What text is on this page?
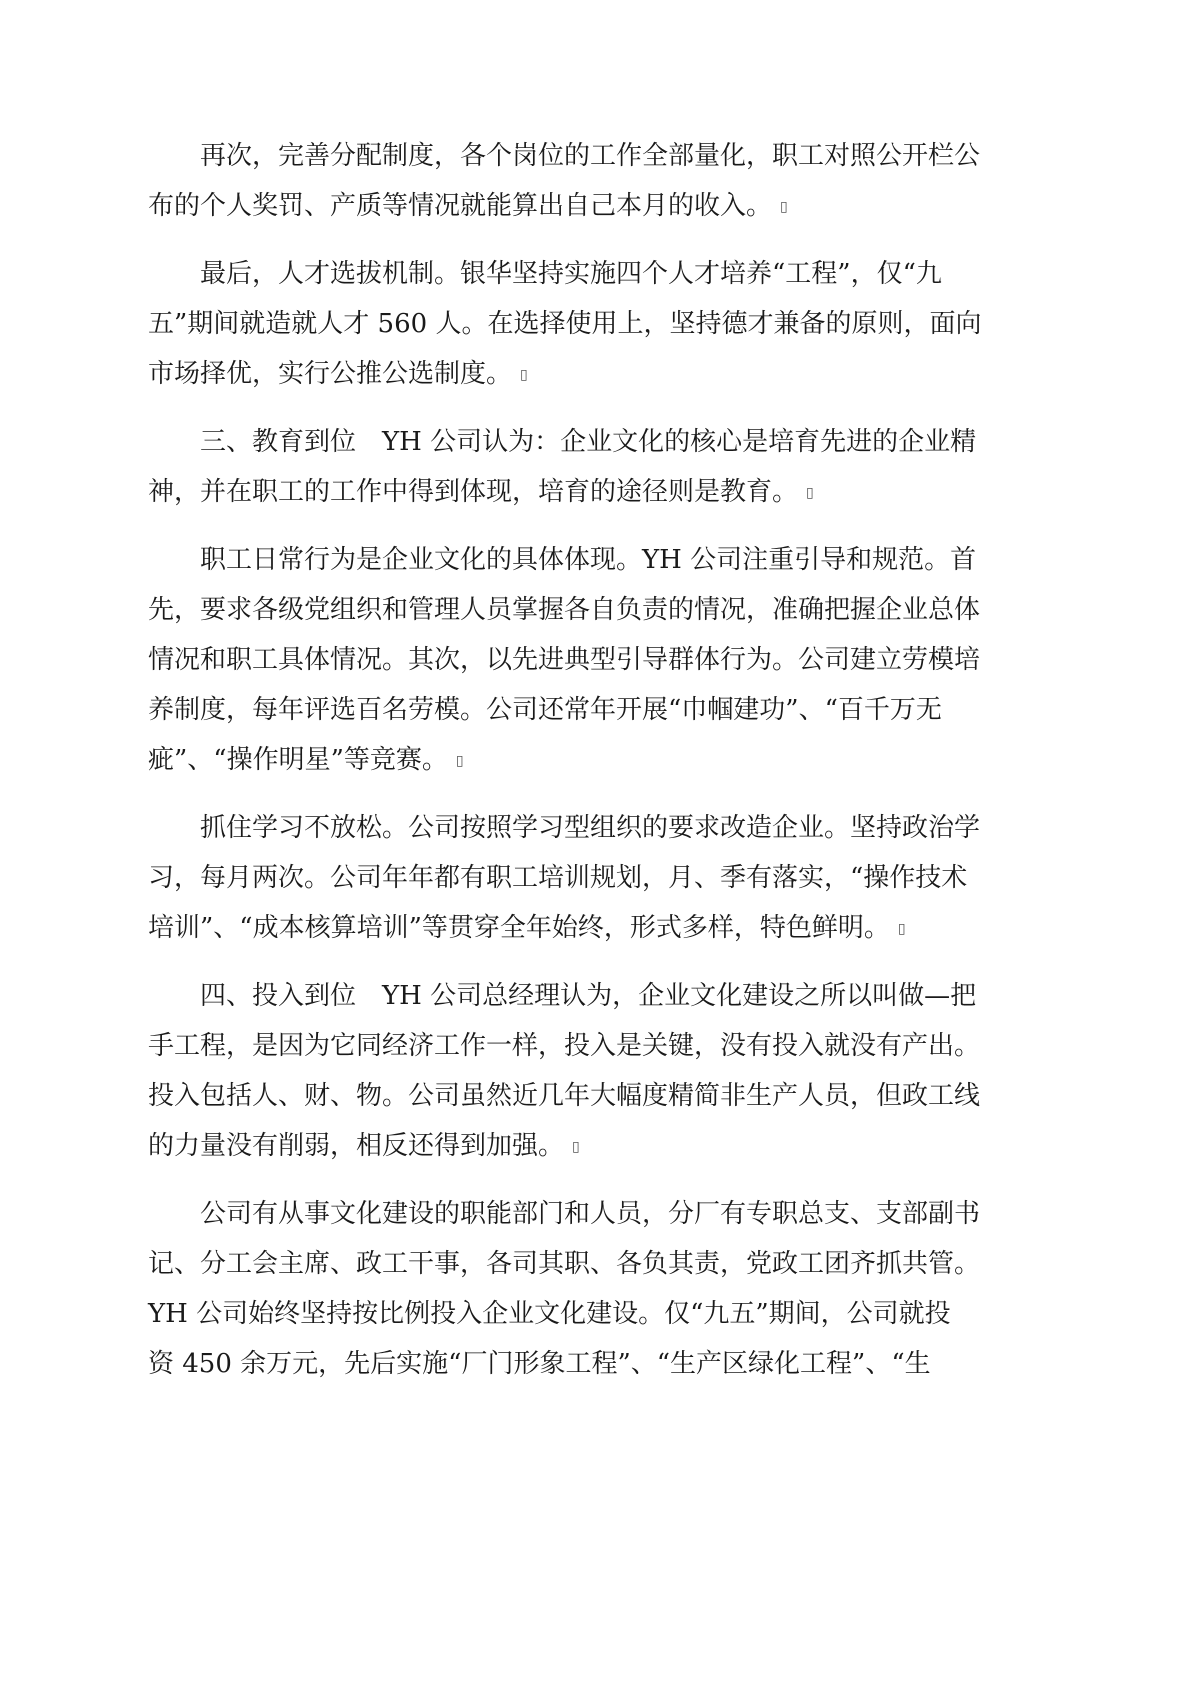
再次，完善分配制度，各个岗位的工作全部量化，职工对照公开栏公
布的个人奖罚、产质等情况就能算出自己本月的收入。 ▯
最后，人才选拔机制。银华坚持实施四个人才培养“工程”，仅“九
五”期间就造就人才 560 人。在选择使用上，坚持德才兼备的原则，面向
市场择优，实行公推公选制度。 ▯
三、教育到位　YH 公司认为：企业文化的核心是培育先进的企业精
神，并在职工的工作中得到体现，培育的途径则是教育。 ▯
职工日常行为是企业文化的具体体现。YH 公司注重引导和规范。首
先，要求各级党组织和管理人员掌握各自负责的情况，准确把握企业总体
情况和职工具体情况。其次，以先进典型引导群体行为。公司建立劳模培
养制度，每年评选百名劳模。公司还常年开展“巾帼建功”、“百千万无
疵”、“操作明星”等竞赛。 ▯
抓住学习不放松。公司按照学习型组织的要求改造企业。坚持政治学
习，每月两次。公司年年都有职工培训规划，月、季有落实，“操作技术
培训”、“成本核算培训”等贯穿全年始终，形式多样，特色鲜明。 ▯
四、投入到位　YH 公司总经理认为，企业文化建设之所以叫做—把
手工程，是因为它同经济工作一样，投入是关键，没有投入就没有产出。
投入包括人、财、物。公司虽然近几年大幅度精简非生产人员，但政工线
的力量没有削弱，相反还得到加强。 ▯
公司有从事文化建设的职能部门和人员，分厂有专职总支、支部副书
记、分工会主席、政工干事，各司其职、各负其责，党政工团齐抓共管。
YH 公司始终坚持按比例投入企业文化建设。仅“九五”期间，公司就投
资 450 余万元，先后实施“厂门形象工程”、“生产区绿化工程”、“生
